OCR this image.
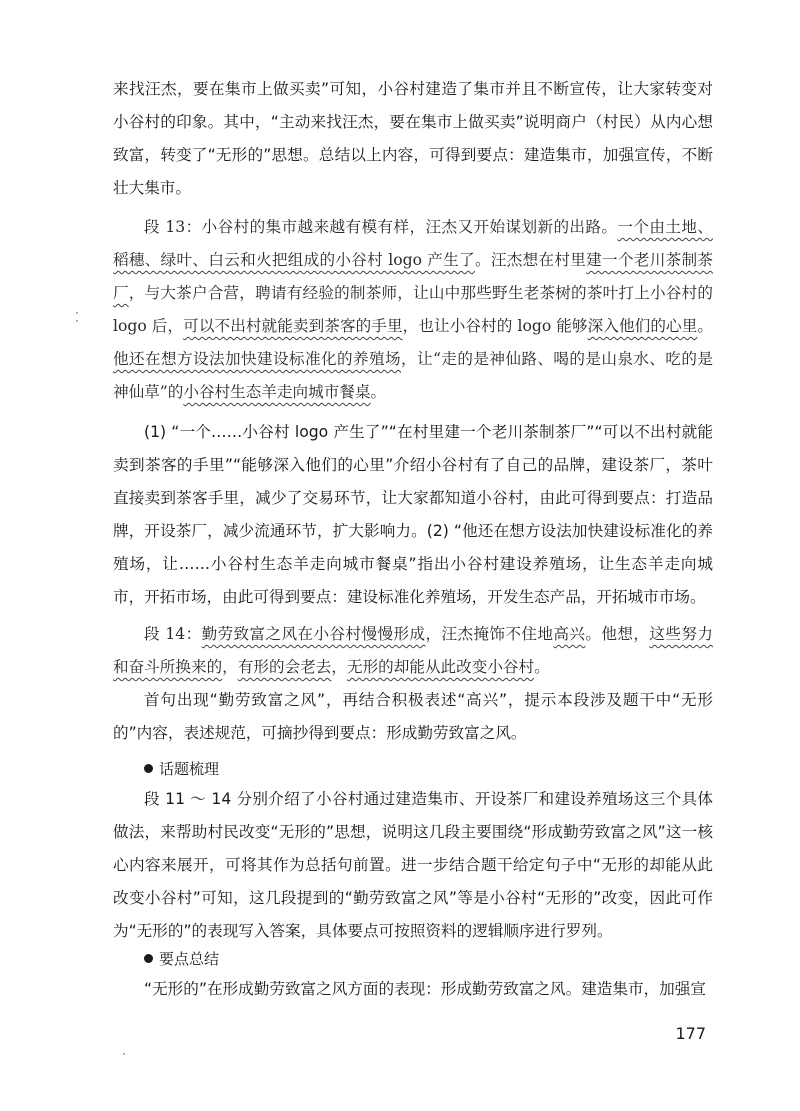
来找汪杰，要在集市上做买卖”可知，小谷村建造了集市并且不断宣传，让大家转变对小谷村的印象。其中，“主动来找汪杰，要在集市上做买卖”说明商户（村民）从内心想致富，转变了“无形的”思想。总结以上内容，可得到要点：建造集市，加强宣传，不断壮大集市。

段 13：小谷村的集市越来越有模有样，汪杰又开始谋划新的出路。一个由土地、稻穗、绿叶、白云和火把组成的小谷村 logo 产生了。汪杰想在村里建一个老川茶制茶厂，与大茶户合营，聘请有经验的制茶师，让山中那些野生老茶树的茶叶打上小谷村的 logo 后，可以不出村就能卖到茶客的手里，也让小谷村的 logo 能够深入他们的心里。他还在想方设法加快建设标准化的养殖场，让“走的是神仙路、喝的是山泉水、吃的是神仙草”的小谷村生态羊走向城市餐桌。

(1) “一个……小谷村 logo 产生了”“在村里建一个老川茶制茶厂”“可以不出村就能卖到茶客的手里”“能够深入他们的心里”介绍小谷村有了自己的品牌，建设茶厂，茶叶直接卖到茶客手里，减少了交易环节，让大家都知道小谷村，由此可得到要点：打造品牌，开设茶厂，减少流通环节，扩大影响力。(2) “他还在想方设法加快建设标准化的养殖场，让……小谷村生态羊走向城市餐桌”指出小谷村建设养殖场，让生态羊走向城市，开拓市场，由此可得到要点：建设标准化养殖场，开发生态产品，开拓城市市场。

段 14：勤劳致富之风在小谷村慢慢形成，汪杰掩饰不住地高兴。他想，这些努力和奋斗所换来的，有形的会老去，无形的却能从此改变小谷村。

首句出现“勤劳致富之风”，再结合积极表述“高兴”，提示本段涉及题干中“无形的”内容，表述规范，可摘抄得到要点：形成勤劳致富之风。

话题梳理

段 11 ～ 14 分别介绍了小谷村通过建造集市、开设茶厂和建设养殖场这三个具体做法，来帮助村民改变“无形的”思想，说明这几段主要围绕“形成勤劳致富之风”这一核心内容来展开，可将其作为总括句前置。进一步结合题干给定句子中“无形的却能从此改变小谷村”可知，这几段提到的“勤劳致富之风”等是小谷村“无形的”改变，因此可作为“无形的”的表现写入答案，具体要点可按照资料的逻辑顺序进行罗列。

要点总结

“无形的”在形成勤劳致富之风方面的表现：形成勤劳致富之风。建造集市，加强宣

177
